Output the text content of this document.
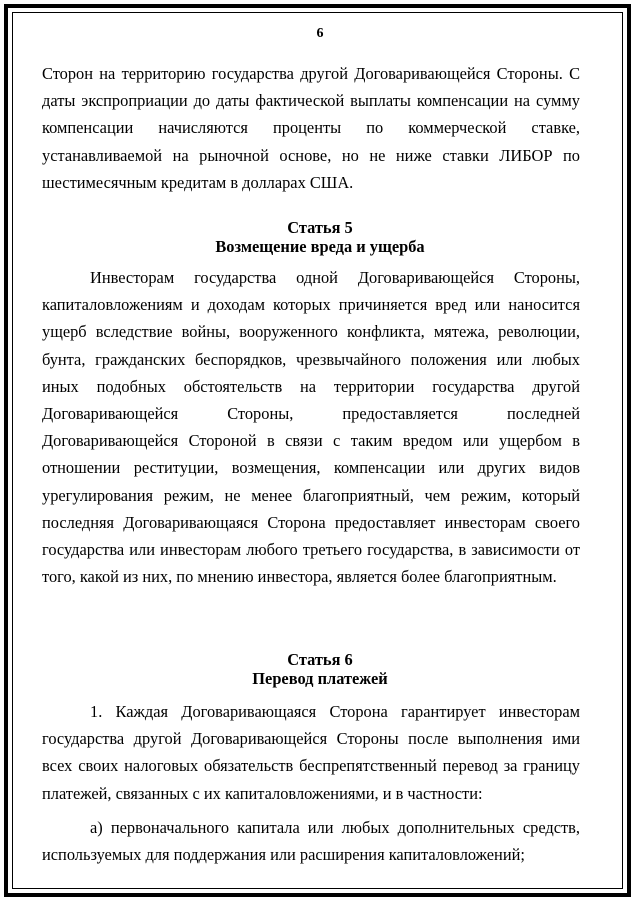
6
Сторон на территорию государства другой Договаривающейся Стороны. С даты экспроприации до даты фактической выплаты компенсации на сумму компенсации начисляются проценты по коммерческой ставке, устанавливаемой на рыночной основе, но не ниже ставки ЛИБОР по шестимесячным кредитам в долларах США.
Статья 5
Возмещение вреда и ущерба
Инвесторам государства одной Договаривающейся Стороны, капиталовложениям и доходам которых причиняется вред или наносится ущерб вследствие войны, вооруженного конфликта, мятежа, революции, бунта, гражданских беспорядков, чрезвычайного положения или любых иных подобных обстоятельств на территории государства другой Договаривающейся Стороны, предоставляется последней Договаривающейся Стороной в связи с таким вредом или ущербом в отношении реституции, возмещения, компенсации или других видов урегулирования режим, не менее благоприятный, чем режим, который последняя Договаривающаяся Сторона предоставляет инвесторам своего государства или инвесторам любого третьего государства, в зависимости от того, какой из них, по мнению инвестора, является более благоприятным.
Статья 6
Перевод платежей
1. Каждая Договаривающаяся Сторона гарантирует инвесторам государства другой Договаривающейся Стороны после выполнения ими всех своих налоговых обязательств беспрепятственный перевод за границу платежей, связанных с их капиталовложениями, и в частности:
а) первоначального капитала или любых дополнительных средств, используемых для поддержания или расширения капиталовложений;
